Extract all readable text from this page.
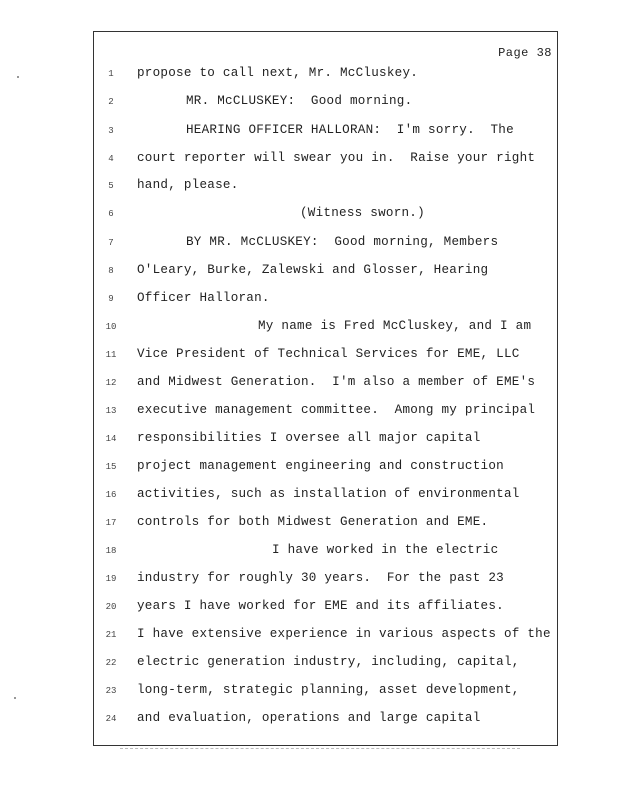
Page 38
1	propose to call next, Mr. McCluskey.
2	MR. McCLUSKEY:  Good morning.
3	HEARING OFFICER HALLORAN:  I'm sorry.  The
4	court reporter will swear you in.  Raise your right
5	hand, please.
6	(Witness sworn.)
7	BY MR. McCLUSKEY:  Good morning, Members
8	O'Leary, Burke, Zalewski and Glosser, Hearing
9	Officer Halloran.
10	My name is Fred McCluskey, and I am
11	Vice President of Technical Services for EME, LLC
12	and Midwest Generation.  I'm also a member of EME's
13	executive management committee.  Among my principal
14	responsibilities I oversee all major capital
15	project management engineering and construction
16	activities, such as installation of environmental
17	controls for both Midwest Generation and EME.
18	I have worked in the electric
19	industry for roughly 30 years.  For the past 23
20	years I have worked for EME and its affiliates.
21	I have extensive experience in various aspects of the
22	electric generation industry, including, capital,
23	long-term, strategic planning, asset development,
24	and evaluation, operations and large capital
